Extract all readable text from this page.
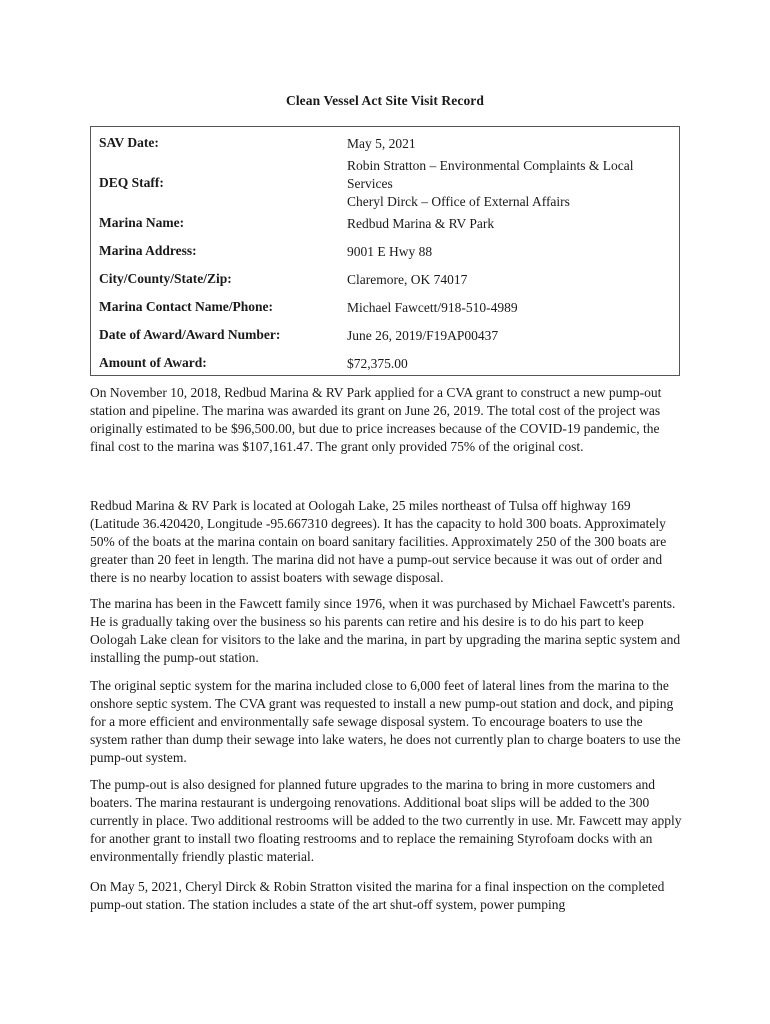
Clean Vessel Act Site Visit Record
SAV Date:	May 5, 2021
DEQ Staff:
Robin Stratton – Environmental Complaints & Local
Services
Cheryl Dirck – Office of External Affairs
Marina Name:	Redbud Marina & RV Park
Marina Address:	9001 E Hwy 88
City/County/State/Zip:	Claremore, OK 74017
Marina Contact Name/Phone:	Michael Fawcett/918-510-4989
Date of Award/Award Number:	June 26, 2019/F19AP00437
Amount of Award:	$72,375.00

On November 10, 2018, Redbud Marina & RV Park applied for a CVA grant to construct a new pump-out station and pipeline. The marina was awarded its grant on June 26, 2019. The total cost of the project was originally estimated to be $96,500.00, but due to price increases because of the COVID-19 pandemic, the final cost to the marina was $107,161.47. The grant only provided 75% of the original cost.

Redbud Marina & RV Park is located at Oologah Lake, 25 miles northeast of Tulsa off highway 169 (Latitude 36.420420, Longitude -95.667310 degrees). It has the capacity to hold 300 boats. Approximately 50% of the boats at the marina contain on board sanitary facilities. Approximately 250 of the 300 boats are greater than 20 feet in length. The marina did not have a pump-out service because it was out of order and there is no nearby location to assist boaters with sewage disposal.

The marina has been in the Fawcett family since 1976, when it was purchased by Michael Fawcett's parents. He is gradually taking over the business so his parents can retire and his desire is to do his part to keep Oologah Lake clean for visitors to the lake and the marina, in part by upgrading the marina septic system and installing the pump-out station.

The original septic system for the marina included close to 6,000 feet of lateral lines from the marina to the onshore septic system. The CVA grant was requested to install a new pump-out station and dock, and piping for a more efficient and environmentally safe sewage disposal system. To encourage boaters to use the system rather than dump their sewage into lake waters, he does not currently plan to charge boaters to use the pump-out system.

The pump-out is also designed for planned future upgrades to the marina to bring in more customers and boaters. The marina restaurant is undergoing renovations. Additional boat slips will be added to the 300 currently in place. Two additional restrooms will be added to the two currently in use. Mr. Fawcett may apply for another grant to install two floating restrooms and to replace the remaining Styrofoam docks with an environmentally friendly plastic material.

On May 5, 2021, Cheryl Dirck & Robin Stratton visited the marina for a final inspection on the completed pump-out station. The station includes a state of the art shut-off system, power pumping
